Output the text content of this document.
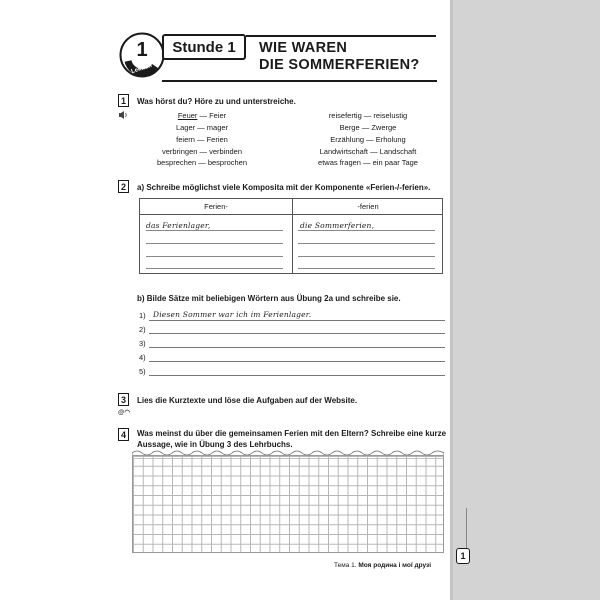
1
Lektion
Stunde 1	WIE WAREN
DIE SOMMERFERIEN?
1	Was hörst du? Höre zu und unterstreiche.
Feuer — Feier
Lager — mager
feiern — Ferien
verbringen — verbinden
besprechen — besprochen
reisefertig — reiselustig
Berge — Zwerge
Erzählung — Erholung
Landwirtschaft — Landschaft
etwas fragen — ein paar Tage
2	a) Schreibe möglichst viele Komposita mit der Komponente «Ferien-/-ferien».
Ferien-	-ferien
das Ferienlager,	die Sommerferien,
b) Bilde Sätze mit beliebigen Wörtern aus Übung 2a und schreibe sie.
1) Diesen Sommer war ich im Ferienlager.
2)
3)
4)
5)
3	Lies die Kurztexte und löse die Aufgaben auf der Website.
@◠
4	Was meinst du über die gemeinsamen Ferien mit den Eltern? Schreibe eine kurze Aussage, wie in Übung 3 des Lehrbuchs.
Тема 1. Моя родина і мої друзі
1
